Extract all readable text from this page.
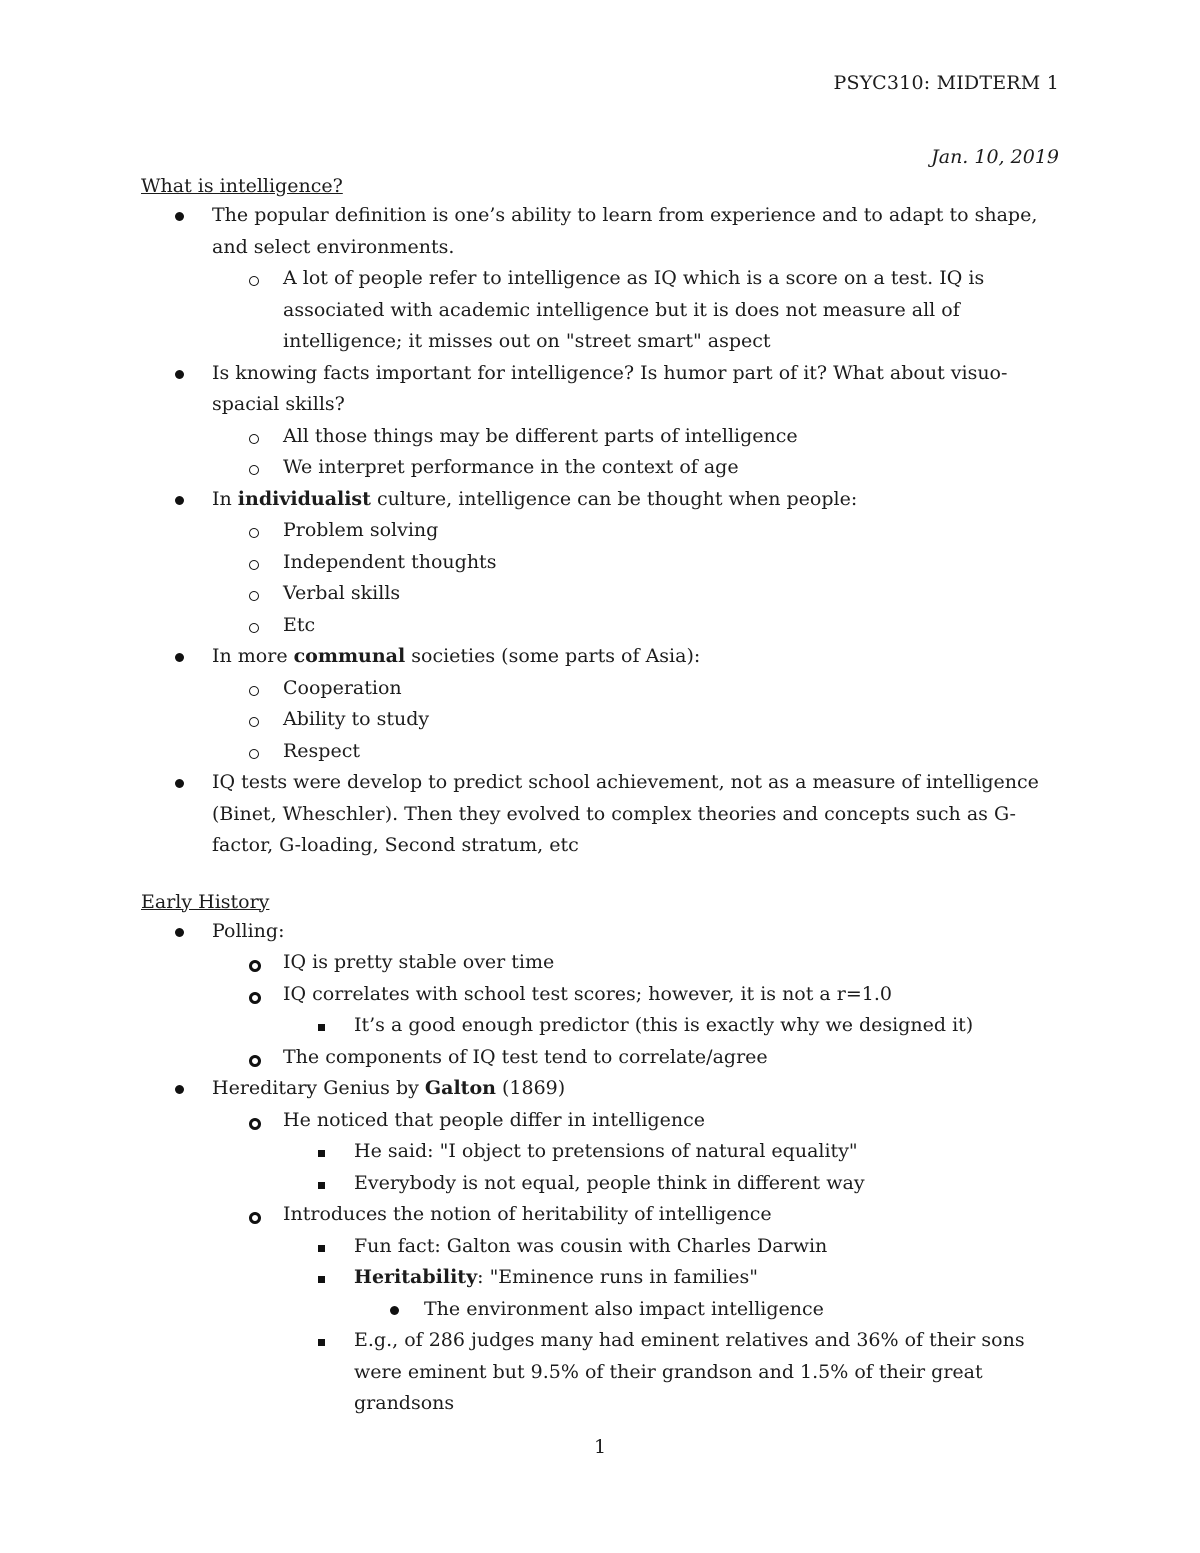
PSYC310: MIDTERM 1
Jan. 10, 2019
What is intelligence?
The popular definition is one’s ability to learn from experience and to adapt to shape, and select environments.
A lot of people refer to intelligence as IQ which is a score on a test. IQ is associated with academic intelligence but it is does not measure all of intelligence; it misses out on "street smart" aspect
Is knowing facts important for intelligence? Is humor part of it? What about visuo-spacial skills?
All those things may be different parts of intelligence
We interpret performance in the context of age
In individualist culture, intelligence can be thought when people:
Problem solving
Independent thoughts
Verbal skills
Etc
In more communal societies (some parts of Asia):
Cooperation
Ability to study
Respect
IQ tests were develop to predict school achievement, not as a measure of intelligence (Binet, Wheschler). Then they evolved to complex theories and concepts such as G-factor, G-loading, Second stratum, etc
Early History
Polling:
IQ is pretty stable over time
IQ correlates with school test scores; however, it is not a r=1.0
It’s a good enough predictor (this is exactly why we designed it)
The components of IQ test tend to correlate/agree
Hereditary Genius by Galton (1869)
He noticed that people differ in intelligence
He said: "I object to pretensions of natural equality"
Everybody is not equal, people think in different way
Introduces the notion of heritability of intelligence
Fun fact: Galton was cousin with Charles Darwin
Heritability: "Eminence runs in families"
The environment also impact intelligence
E.g., of 286 judges many had eminent relatives and 36% of their sons were eminent but 9.5% of their grandson and 1.5% of their great grandsons
1
